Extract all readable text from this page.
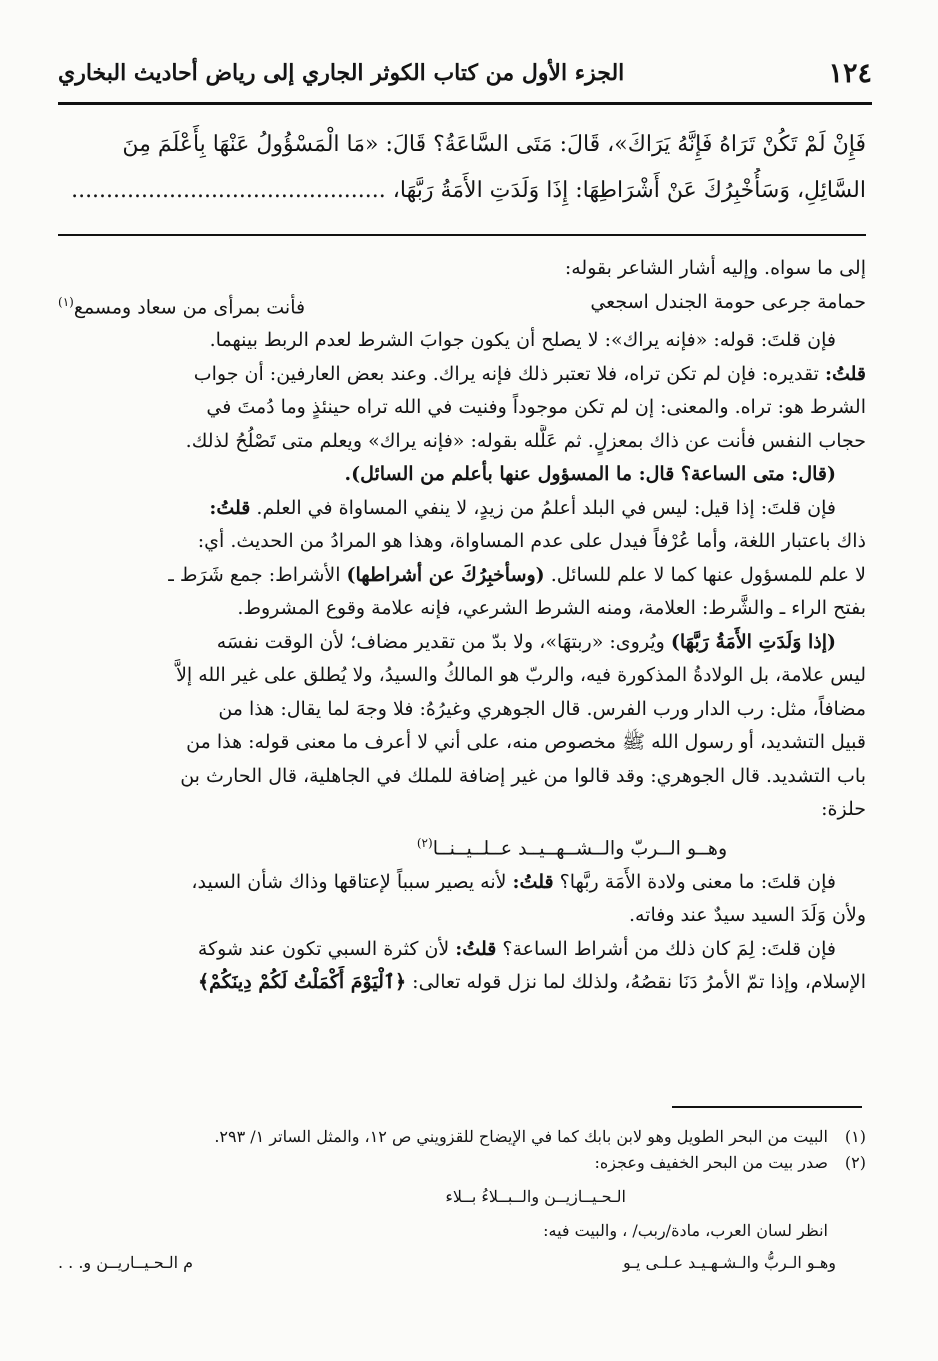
١٢٤
الجزء الأول من كتاب الكوثر الجاري إلى رياض أحاديث البخاري
فَإِنْ لَمْ تَكُنْ تَرَاهُ فَإِنَّهُ يَرَاكَ»، قَالَ: مَتَى السَّاعَةُ؟ قَالَ: «مَا الْمَسْؤُولُ عَنْهَا بِأَعْلَمَ مِنَ
السَّائِلِ، وَسَأُخْبِرُكَ عَنْ أَشْرَاطِهَا: إِذَا وَلَدَتِ الأَمَةُ رَبَّهَا، .............................................

إلى ما سواه. وإليه أشار الشاعر بقوله:

حمامة جرعى حومة الجندل اسجعي
فأنت بمرأى من سعاد ومسمع$^{(١)}$

فإن قلتَ: قوله: «فإنه يراك»: لا يصلح أن يكون جوابَ الشرط لعدم الربط بينهما.

قلتُ: تقديره: فإن لم تكن تراه، فلا تعتبر ذلك فإنه يراك. وعند بعض العارفين: أن جواب

الشرط هو: تراه. والمعنى: إن لم تكن موجوداً وفنيت في الله تراه حينئذٍ وما دُمتَ في

حجاب النفس فأنت عن ذاك بمعزلٍ. ثم عَلَّله بقوله: «فإنه يراك» ويعلم متى تَصْلُحُ لذلك.

(قال: متى الساعة؟ قال: ما المسؤول عنها بأعلم من السائل).

فإن قلتَ: إذا قيل: ليس في البلد أعلمُ من زيدٍ، لا ينفي المساواة في العلم. قلتُ:

ذاك باعتبار اللغة، وأما عُرْفاً فيدل على عدم المساواة، وهذا هو المرادُ من الحديث. أي:

لا علم للمسؤول عنها كما لا علم للسائل. (وسأخبِرُكَ عن أشراطها) الأشراط: جمع شَرَط ـ

بفتح الراء ـ والشَّرط: العلامة، ومنه الشرط الشرعي، فإنه علامة وقوع المشروط.

(إذا وَلَدَتِ الأَمَةُ رَبَّهَا) ويُروى: «ربتهَا»، ولا بدّ من تقدير مضاف؛ لأن الوقت نفسَه

ليس علامة، بل الولادةُ المذكورة فيه، والربّ هو المالكُ والسيدُ، ولا يُطلق على غير الله إلاَّ

مضافاً، مثل: رب الدار ورب الفرس. قال الجوهري وغيرُهُ: فلا وجهَ لما يقال: هذا من

قبيل التشديد، أو رسول الله ﷺ مخصوص منه، على أني لا أعرف ما معنى قوله: هذا من

باب التشديد. قال الجوهري: وقد قالوا من غير إضافة للملك في الجاهلية، قال الحارث بن

حلزة:

وهــو الــربّ والــشــهــيــد عــلــيــنــا$^{(٢)}$

فإن قلتَ: ما معنى ولادة الأَمَة ربَّها؟ قلتُ: لأنه يصير سبباً لإعتاقها وذاك شأن السيد،

ولأن وَلَدَ السيد سيدٌ عند وفاته.

فإن قلتَ: لِمَ كان ذلك من أشراط الساعة؟ قلتُ: لأن كثرة السبي تكون عند شوكة

الإسلام، وإذا تمّ الأمرُ دَنَا نقصُهُ، ولذلك لما نزل قوله تعالى: ﴿ٱلْيَوْمَ أَكْمَلْتُ لَكُمْ دِينَكُمْ﴾

(١)البيت من البحر الطويل وهو لابن بابك كما في الإيضاح للقزويني ص ١٢، والمثل الساتر ١/ ٢٩٣.

(٢)صدر بيت من البحر الخفيف وعجزه:

الـحـيــازيــن والــبــلاءُ بــلاء

انظر لسان العرب، مادة/ربب/ ، والبيت فيه:

وهـو الـربُّ والـشـهـيـد عـلـى يـو
م الـحـيــاريــن و. . .
